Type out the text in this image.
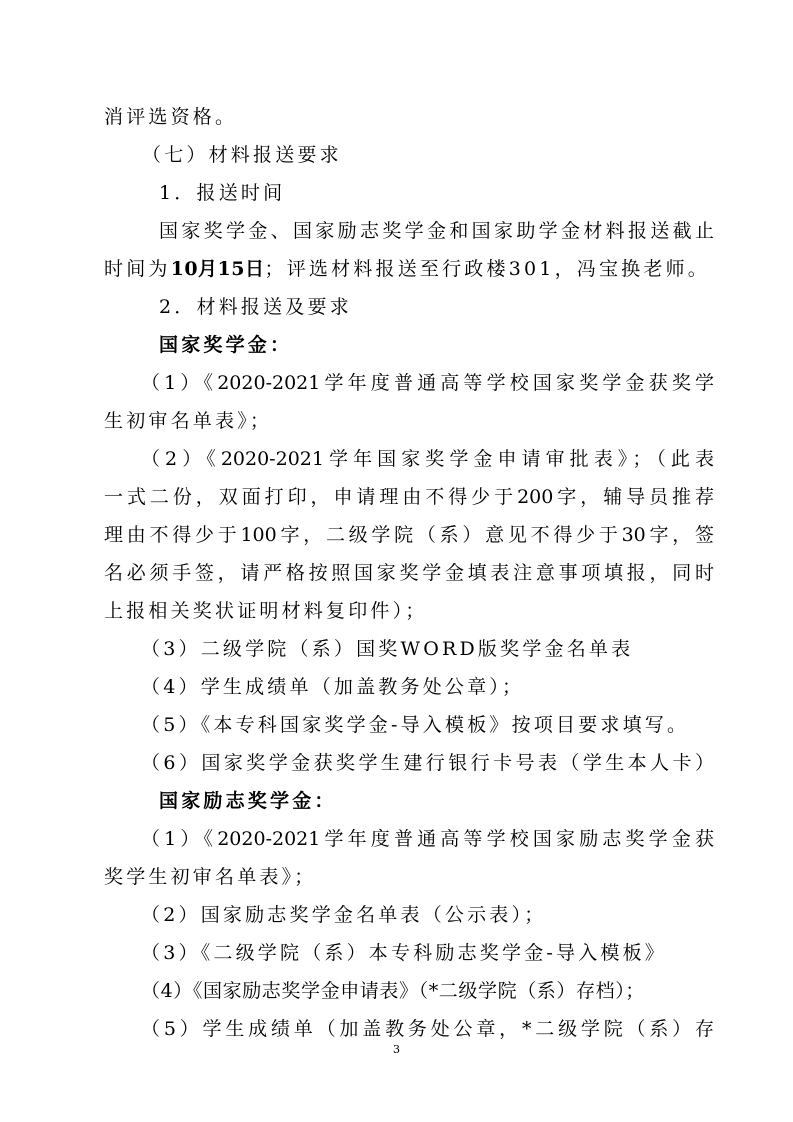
消评选资格。
（七）材料报送要求
1．报送时间
国家奖学金、国家励志奖学金和国家助学金材料报送截止
时间为10月15日；评选材料报送至行政楼301，冯宝换老师。
2．材料报送及要求
国家奖学金：
（1）《2020-2021学年度普通高等学校国家奖学金获奖学
生初审名单表》；
（2）《2020-2021学年国家奖学金申请审批表》；（此表
一式二份，双面打印，申请理由不得少于200字，辅导员推荐
理由不得少于100字，二级学院（系）意见不得少于30字，签
名必须手签，请严格按照国家奖学金填表注意事项填报，同时
上报相关奖状证明材料复印件）；
（3）二级学院（系）国奖WORD版奖学金名单表
（4）学生成绩单（加盖教务处公章）；
（5）《本专科国家奖学金-导入模板》按项目要求填写。
（6）国家奖学金获奖学生建行银行卡号表（学生本人卡）
国家励志奖学金：
（1）《2020-2021学年度普通高等学校国家励志奖学金获
奖学生初审名单表》；
（2）国家励志奖学金名单表（公示表）；
（3）《二级学院（系）本专科励志奖学金-导入模板》
（4）《国家励志奖学金申请表》（*二级学院（系）存档）；
（5）学生成绩单（加盖教务处公章，*二级学院（系）存
3
